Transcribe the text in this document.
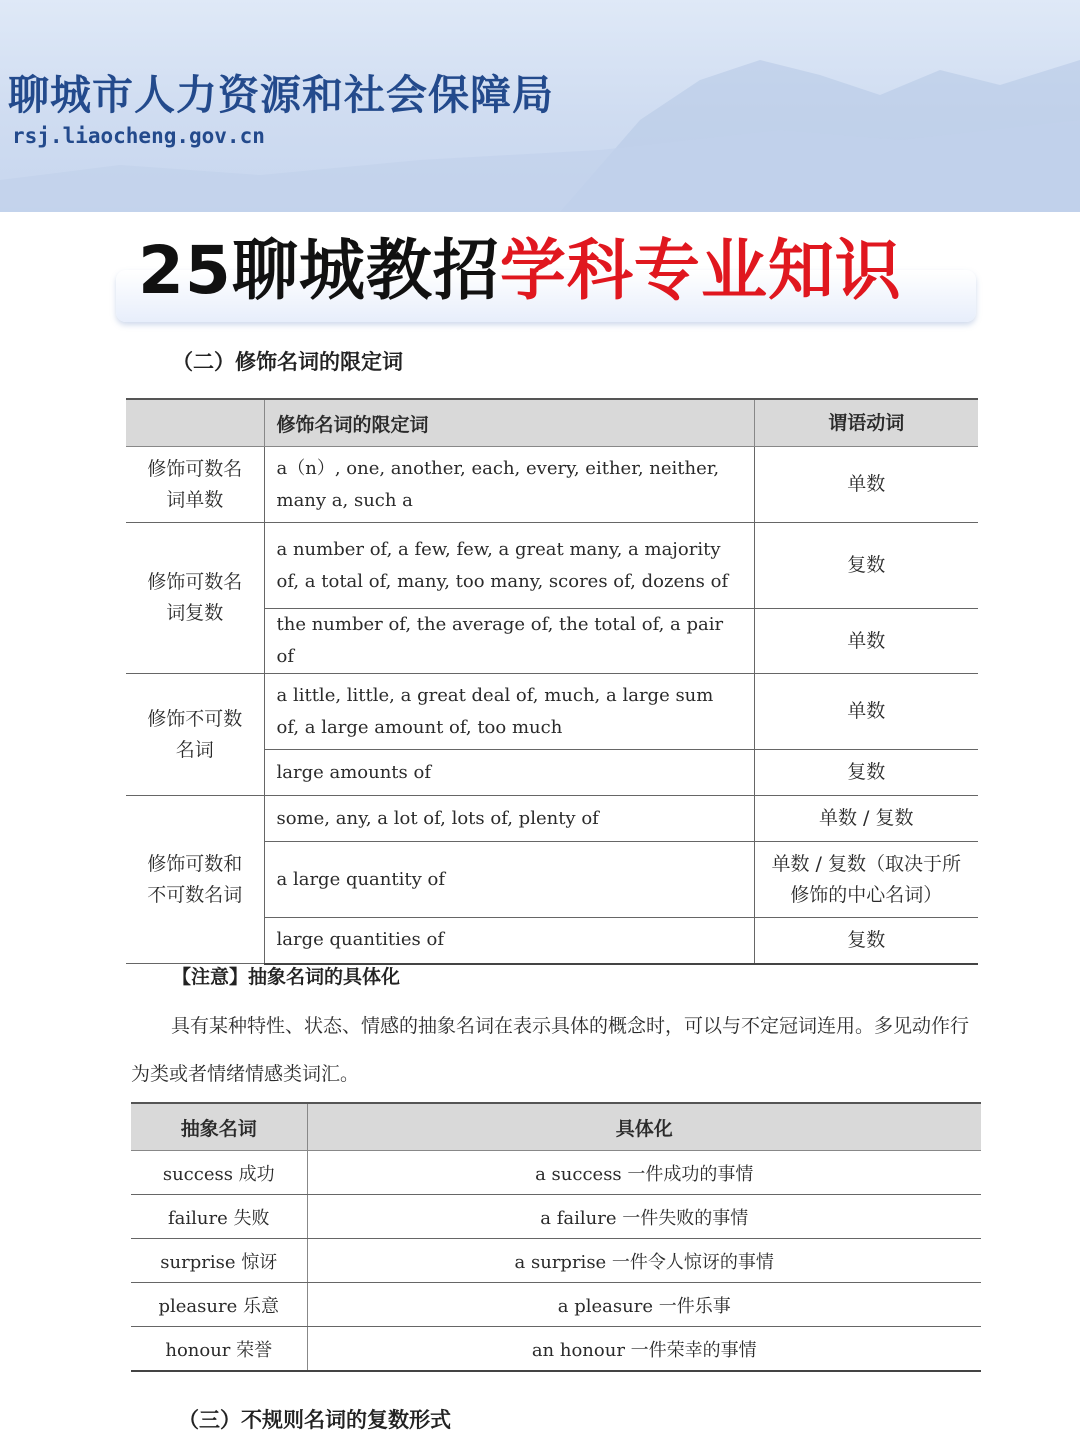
聊城市人力资源和社会保障局
rsj.liaocheng.gov.cn
25聊城教招学科专业知识
（二）修饰名词的限定词
	修饰名词的限定词	谓语动词
修饰可数名词单数	a（n）, one, another, each, every, either, neither, many a, such a	单数
修饰可数名词复数	a number of, a few, few, a great many, a majority of, a total of, many, too many, scores of, dozens of	复数
	the number of, the average of, the total of, a pair of	单数
修饰不可数名词	a little, little, a great deal of, much, a large sum of, a large amount of, too much	单数
	large amounts of	复数
修饰可数和不可数名词	some, any, a lot of, lots of, plenty of	单数 / 复数
	a large quantity of	单数 / 复数（取决于所修饰的中心名词）
	large quantities of	复数
【注意】抽象名词的具体化
具有某种特性、状态、情感的抽象名词在表示具体的概念时，可以与不定冠词连用。多见动作行为类或者情绪情感类词汇。
抽象名词	具体化
success 成功	a success 一件成功的事情
failure 失败	a failure 一件失败的事情
surprise 惊讶	a surprise 一件令人惊讶的事情
pleasure 乐意	a pleasure 一件乐事
honour 荣誉	an honour 一件荣幸的事情
（三）不规则名词的复数形式
